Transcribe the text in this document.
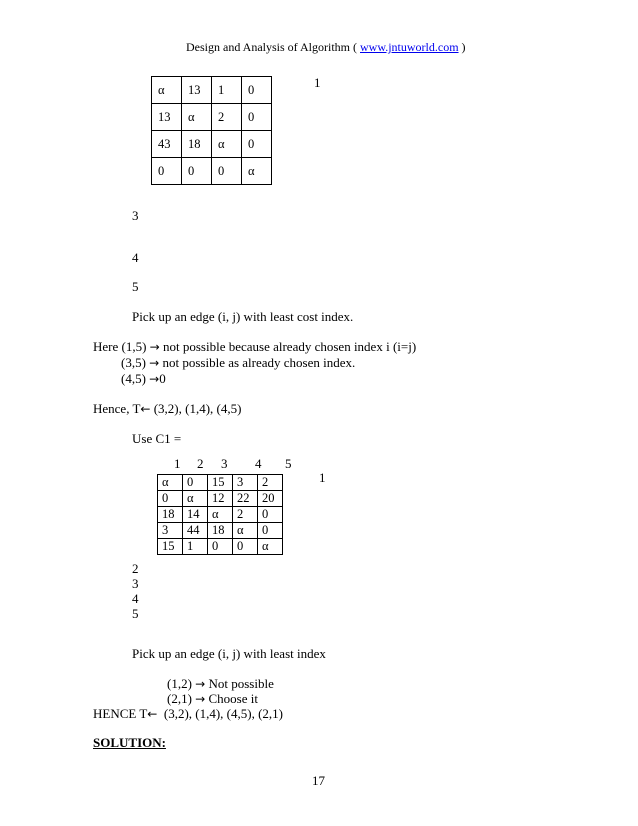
Design and Analysis of Algorithm ( www.jntuworld.com )
α	13	1	0
13	α	2	0
43	18	α	0
0	0	0	α
1
3
4
5
Pick up an edge (i, j) with least cost index.
Here (1,5) → not possible because already chosen index i (i=j)
(3,5) → not possible as already chosen index.
(4,5) →0
Hence, T← (3,2), (1,4), (4,5)
Use C1 =
1 2 3 4 5
α	0	15	3	2
0	α	12	22	20
18	14	α	2	0
3	44	18	α	0
15	1	0	0	α
1
2
3
4
5
Pick up an edge (i, j) with least index
(1,2) → Not possible
(2,1) → Choose it
HENCE T←  (3,2), (1,4), (4,5), (2,1)
SOLUTION:
17
